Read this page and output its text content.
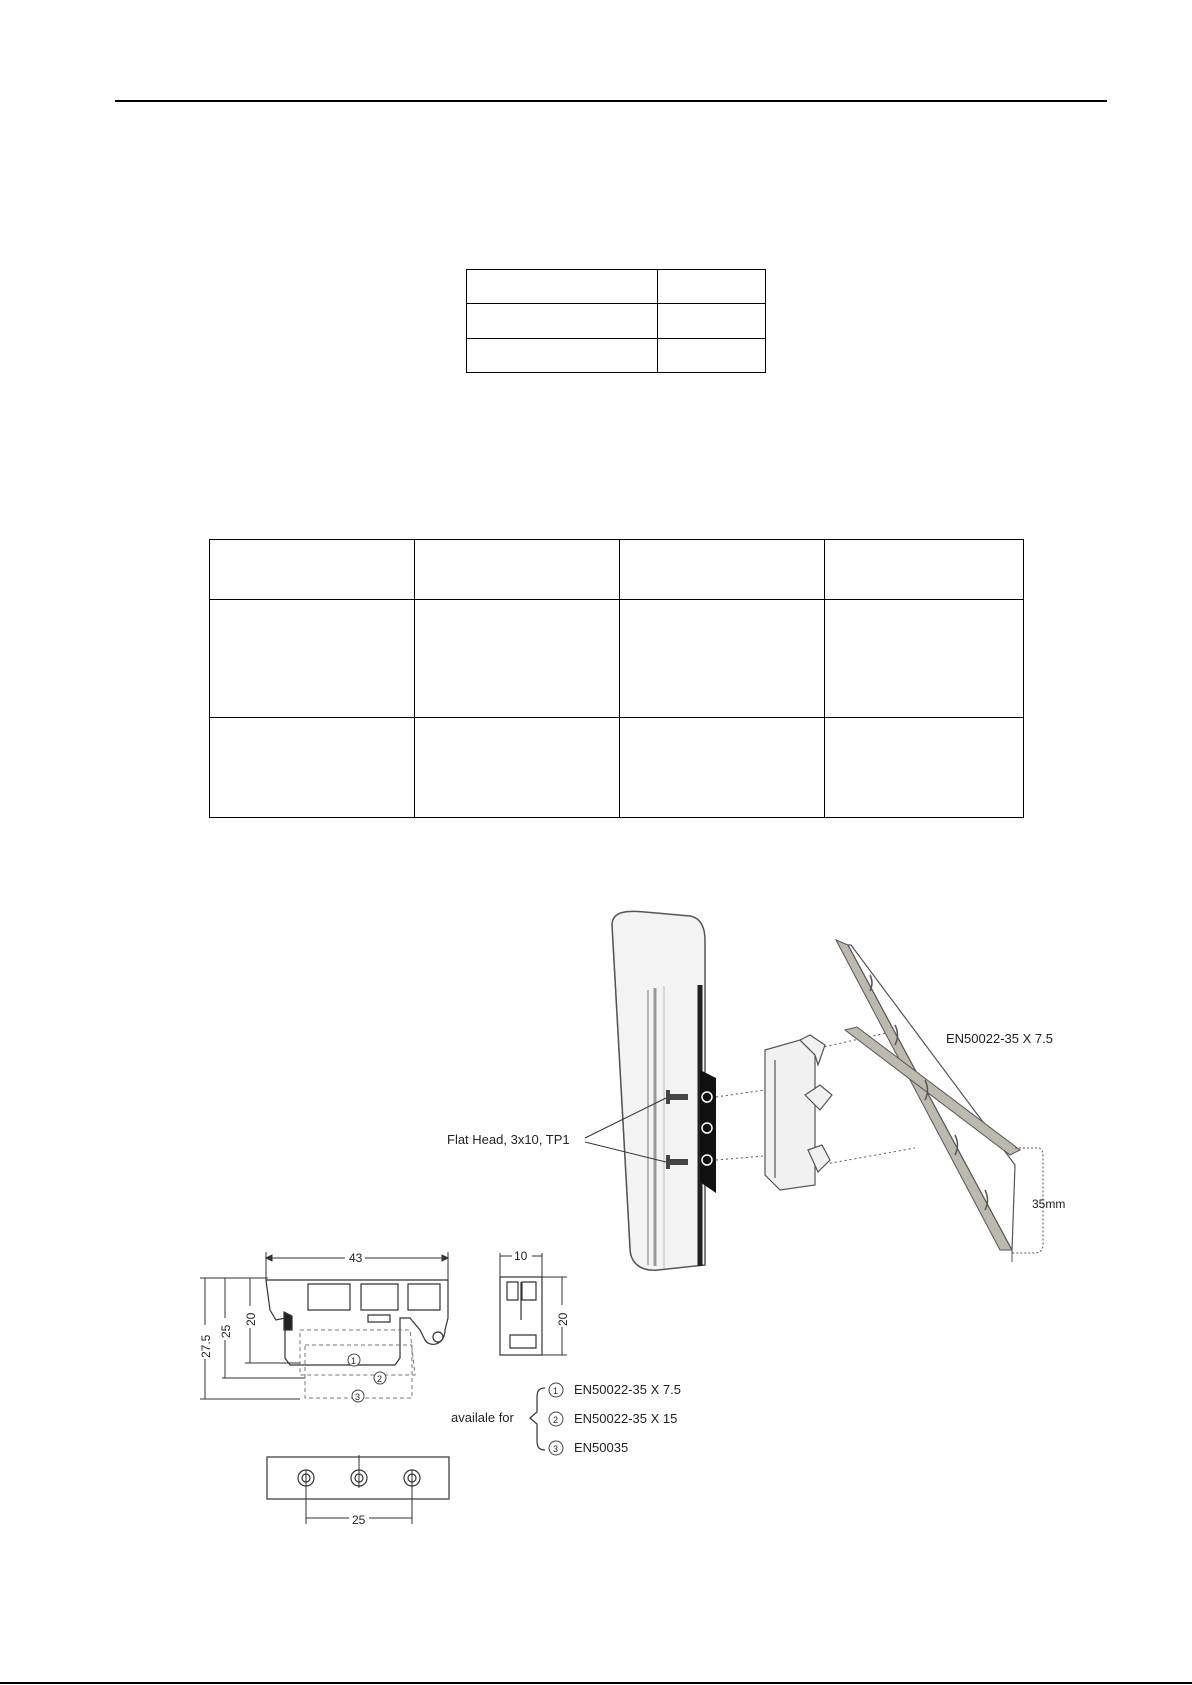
Flat Head, 3x10, TP1
EN50022-35 X 7.5
35mm
1
2
3
43
27.5
25
20
10
20
25
availale for
1 EN50022-35 X 7.5
2 EN50022-35 X 15
3 EN50035
